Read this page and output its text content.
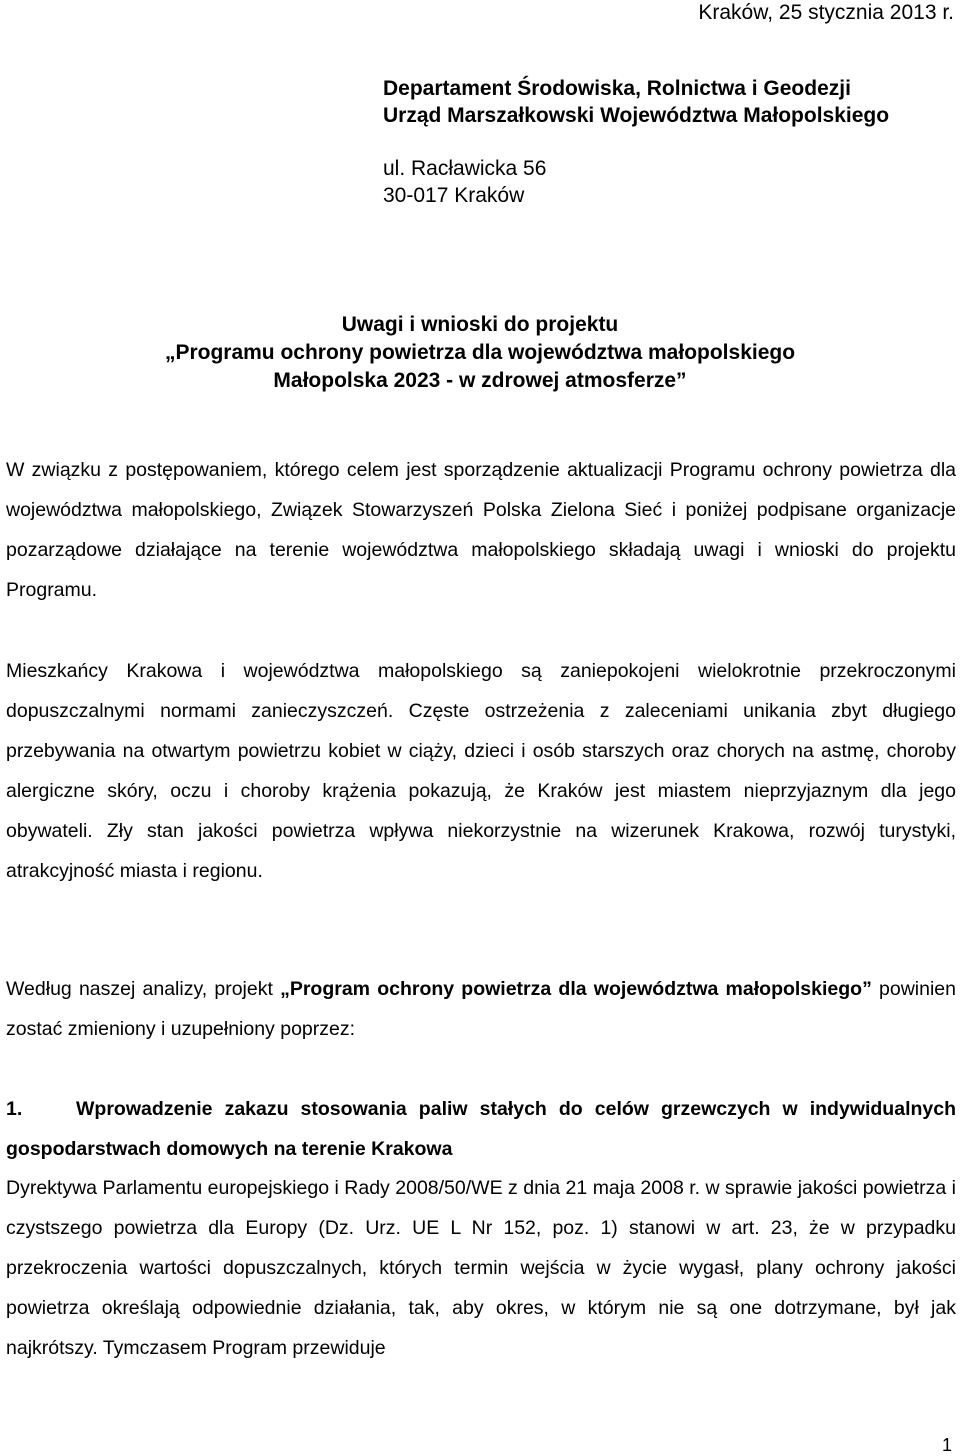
Kraków, 25 stycznia 2013 r.
Departament Środowiska, Rolnictwa i Geodezji
Urząd Marszałkowski Województwa Małopolskiego
ul. Racławicka 56
30-017 Kraków
Uwagi i wnioski do projektu
„Programu ochrony powietrza dla województwa małopolskiego
Małopolska 2023 - w zdrowej atmosferze”

W związku z postępowaniem, którego celem jest sporządzenie aktualizacji Programu ochrony powietrza dla województwa małopolskiego, Związek Stowarzyszeń Polska Zielona Sieć i poniżej podpisane organizacje pozarządowe działające na terenie województwa małopolskiego składają uwagi i wnioski do projektu Programu.

Mieszkańcy Krakowa i województwa małopolskiego są zaniepokojeni wielokrotnie przekroczonymi dopuszczalnymi normami zanieczyszczeń. Częste ostrzeżenia z zaleceniami unikania zbyt długiego przebywania na otwartym powietrzu kobiet w ciąży, dzieci i osób starszych oraz chorych na astmę, choroby alergiczne skóry, oczu i choroby krążenia pokazują, że Kraków jest miastem nieprzyjaznym dla jego obywateli. Zły stan jakości powietrza wpływa niekorzystnie na wizerunek Krakowa, rozwój turystyki, atrakcyjność miasta i regionu.

Według naszej analizy, projekt „Program ochrony powietrza dla województwa małopolskiego” powinien zostać zmieniony i uzupełniony poprzez:

1.	Wprowadzenie zakazu stosowania paliw stałych do celów grzewczych w indywidualnych gospodarstwach domowych na terenie Krakowa

Dyrektywa Parlamentu europejskiego i Rady 2008/50/WE z dnia 21 maja 2008 r. w sprawie jakości powietrza i czystszego powietrza dla Europy (Dz. Urz. UE L Nr 152, poz. 1) stanowi w art. 23, że w przypadku przekroczenia wartości dopuszczalnych, których termin wejścia w życie wygasł, plany ochrony jakości powietrza określają odpowiednie działania, tak, aby okres, w którym nie są one dotrzymane, był jak najkrótszy. Tymczasem Program przewiduje

1
